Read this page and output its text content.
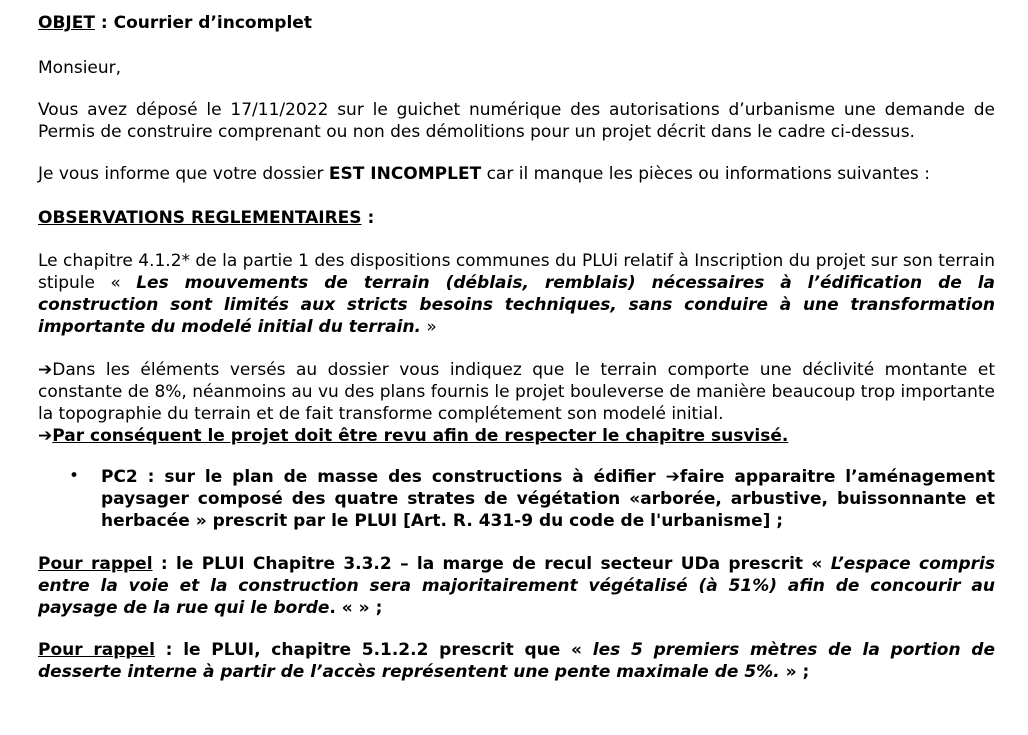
OBJET : Courrier d’incomplet

Monsieur,

Vous avez déposé le 17/11/2022 sur le guichet numérique des autorisations d’urbanisme une demande de Permis de construire comprenant ou non des démolitions pour un projet décrit dans le cadre ci-dessus.

Je vous informe que votre dossier EST INCOMPLET car il manque les pièces ou informations suivantes :

OBSERVATIONS REGLEMENTAIRES :

Le chapitre 4.1.2* de la partie 1 des dispositions communes du PLUi relatif à Inscription du projet sur son terrain stipule « Les mouvements de terrain (déblais, remblais) nécessaires à l’édification de la construction sont limités aux stricts besoins techniques, sans conduire à une transformation importante du modelé initial du terrain. »

➔Dans les éléments versés au dossier vous indiquez que le terrain comporte une déclivité montante et constante de 8%, néanmoins au vu des plans fournis le projet bouleverse de manière beaucoup trop importante la topographie du terrain et de fait transforme complétement son modelé initial.

➔Par conséquent le projet doit être revu afin de respecter le chapitre susvisé.

• PC2 : sur le plan de masse des constructions à édifier ➔faire apparaitre l’aménagement paysager composé des quatre strates de végétation «arborée, arbustive, buissonnante et herbacée » prescrit par le PLUI [Art. R. 431-9 du code de l'urbanisme] ;

Pour rappel : le PLUI Chapitre 3.3.2 – la marge de recul secteur UDa prescrit « L’espace compris entre la voie et la construction sera majoritairement végétalisé (à 51%) afin de concourir au paysage de la rue qui le borde. « » ;

Pour rappel : le PLUI, chapitre 5.1.2.2 prescrit que « les 5 premiers mètres de la portion de desserte interne à partir de l’accès représentent une pente maximale de 5%. » ;
